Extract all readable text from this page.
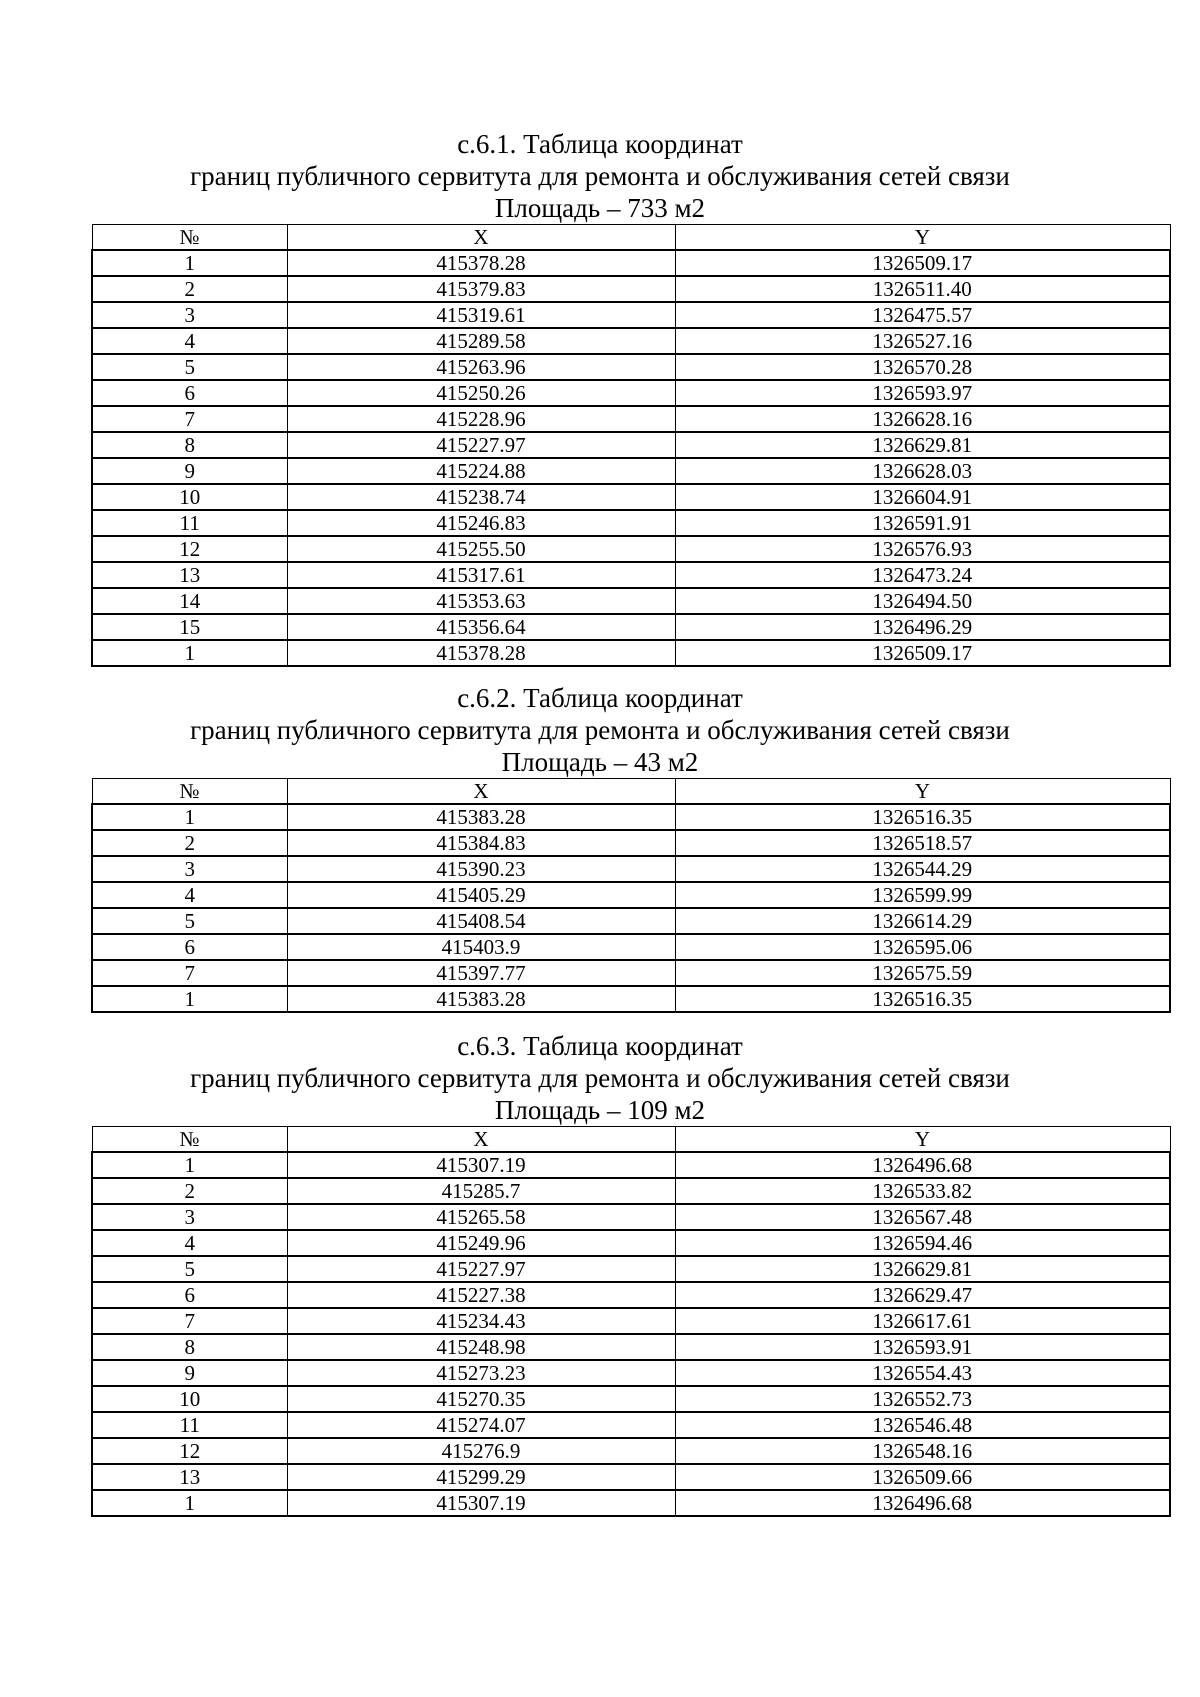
с.6.1. Таблица координат
границ публичного сервитута для ремонта и обслуживания сетей связи
Площадь – 733 м2
№	X	Y
1	415378.28	1326509.17
2	415379.83	1326511.40
3	415319.61	1326475.57
4	415289.58	1326527.16
5	415263.96	1326570.28
6	415250.26	1326593.97
7	415228.96	1326628.16
8	415227.97	1326629.81
9	415224.88	1326628.03
10	415238.74	1326604.91
11	415246.83	1326591.91
12	415255.50	1326576.93
13	415317.61	1326473.24
14	415353.63	1326494.50
15	415356.64	1326496.29
1	415378.28	1326509.17
с.6.2. Таблица координат
границ публичного сервитута для ремонта и обслуживания сетей связи
Площадь – 43 м2
№	X	Y
1	415383.28	1326516.35
2	415384.83	1326518.57
3	415390.23	1326544.29
4	415405.29	1326599.99
5	415408.54	1326614.29
6	415403.9	1326595.06
7	415397.77	1326575.59
1	415383.28	1326516.35
с.6.3. Таблица координат
границ публичного сервитута для ремонта и обслуживания сетей связи
Площадь – 109 м2
№	X	Y
1	415307.19	1326496.68
2	415285.7	1326533.82
3	415265.58	1326567.48
4	415249.96	1326594.46
5	415227.97	1326629.81
6	415227.38	1326629.47
7	415234.43	1326617.61
8	415248.98	1326593.91
9	415273.23	1326554.43
10	415270.35	1326552.73
11	415274.07	1326546.48
12	415276.9	1326548.16
13	415299.29	1326509.66
1	415307.19	1326496.68
